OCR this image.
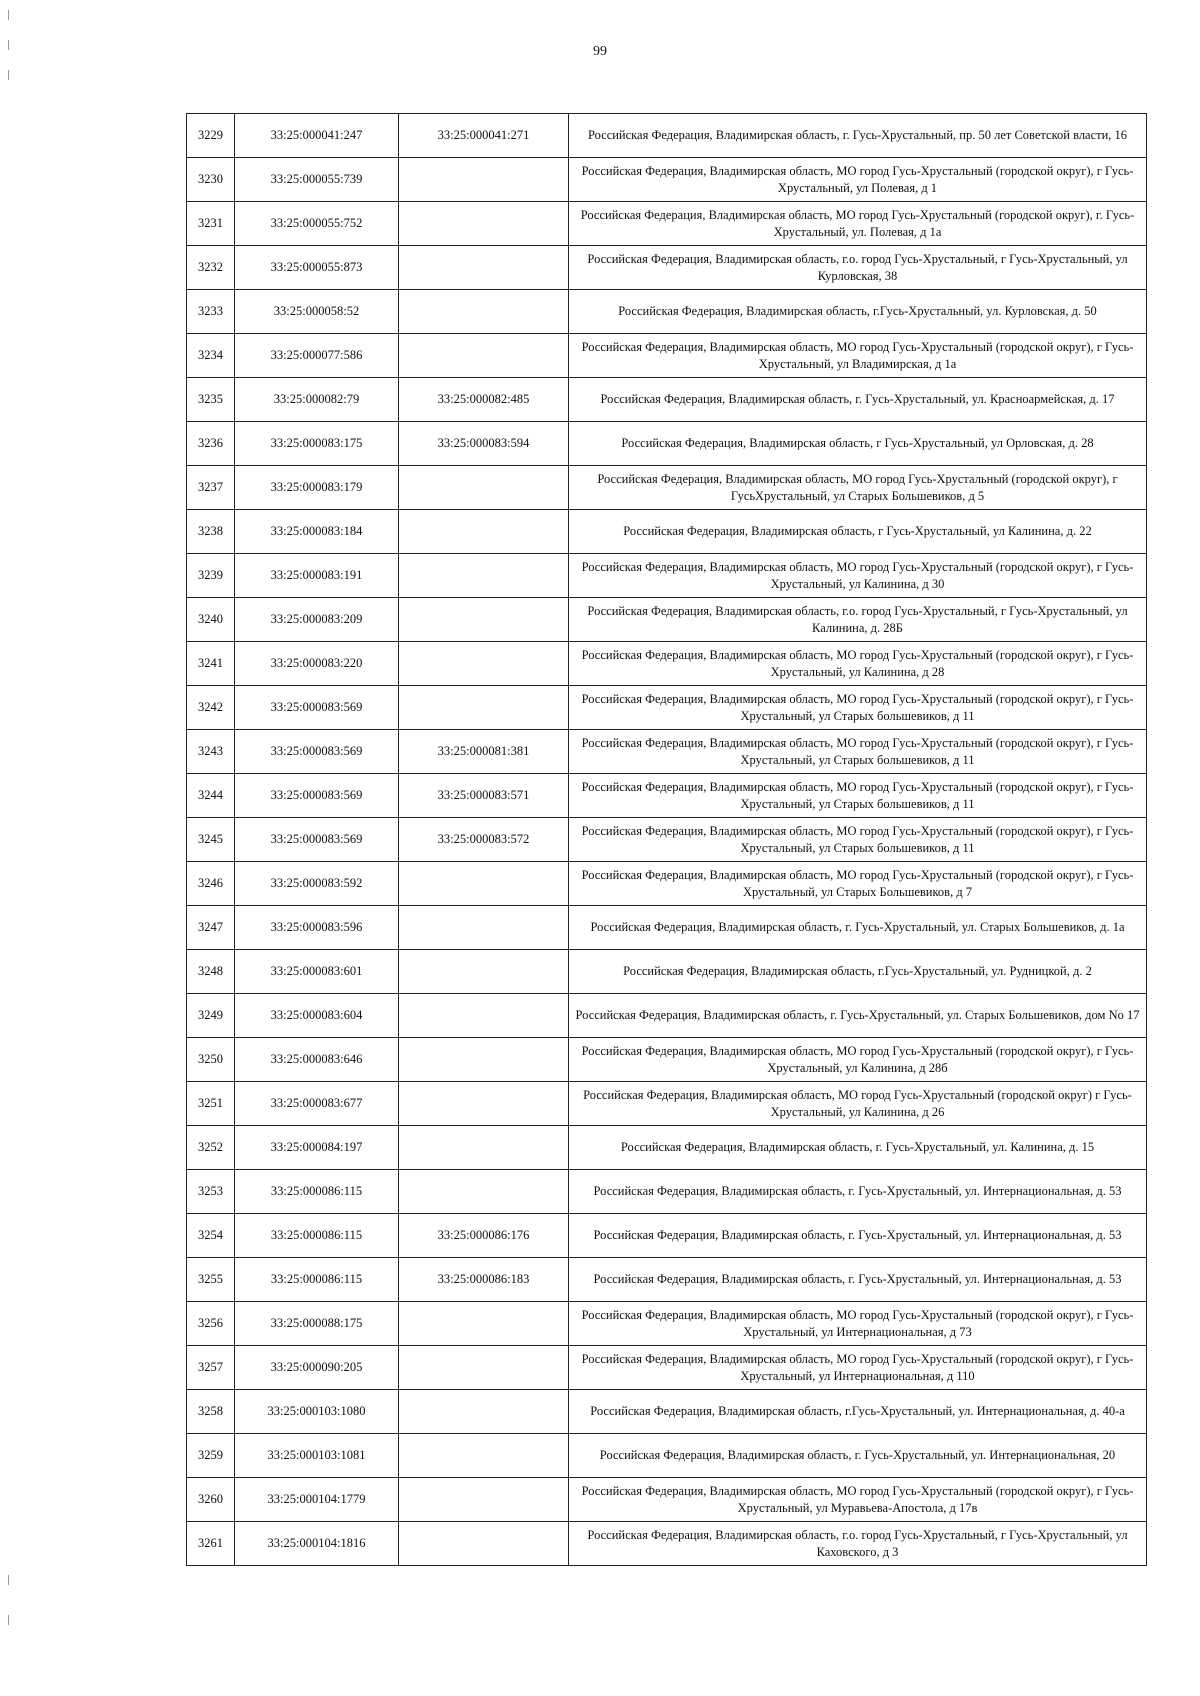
99
3229	33:25:000041:247	33:25:000041:271	Российская Федерация, Владимирская область, г. Гусь-Хрустальный, пр. 50 лет Советской власти, 16
3230	33:25:000055:739		Российская Федерация, Владимирская область, МО город Гусь-Хрустальный (городской округ), г Гусь-Хрустальный, ул Полевая, д 1
3231	33:25:000055:752		Российская Федерация, Владимирская область, МО город Гусь-Хрустальный (городской округ), г. Гусь-Хрустальный, ул. Полевая, д 1а
3232	33:25:000055:873		Российская Федерация, Владимирская область, г.о. город Гусь-Хрустальный, г Гусь-Хрустальный, ул Курловская, 38
3233	33:25:000058:52		Российская Федерация, Владимирская область, г.Гусь-Хрустальный, ул. Курловская, д. 50
3234	33:25:000077:586		Российская Федерация, Владимирская область, МО город Гусь-Хрустальный (городской округ), г Гусь- Хрустальный, ул Владимирская, д 1а
3235	33:25:000082:79	33:25:000082:485	Российская Федерация, Владимирская область, г. Гусь-Хрустальный, ул. Красноармейская, д. 17
3236	33:25:000083:175	33:25:000083:594	Российская Федерация, Владимирская область, г Гусь-Хрустальный, ул Орловская, д. 28
3237	33:25:000083:179		Российская Федерация, Владимирская область, МО город Гусь-Хрустальный (городской округ), г ГусьХрустальный, ул Старых Большевиков, д 5
3238	33:25:000083:184		Российская Федерация, Владимирская область, г Гусь-Хрустальный, ул Калинина, д. 22
3239	33:25:000083:191		Российская Федерация, Владимирская область, МО город Гусь-Хрустальный (городской округ), г Гусь-Хрустальный, ул Калинина, д 30
3240	33:25:000083:209		Российская Федерация, Владимирская область, г.о. город Гусь-Хрустальный, г Гусь-Хрустальный, ул Калинина, д. 28Б
3241	33:25:000083:220		Российская Федерация, Владимирская область, МО город Гусь-Хрустальный (городской округ), г Гусь- Хрустальный, ул Калинина, д 28
3242	33:25:000083:569		Российская Федерация, Владимирская область, МО город Гусь-Хрустальный (городской округ), г Гусь-Хрустальный, ул Старых большевиков, д 11
3243	33:25:000083:569	33:25:000081:381	Российская Федерация, Владимирская область, МО город Гусь-Хрустальный (городской округ), г Гусь-Хрустальный, ул Старых большевиков, д 11
3244	33:25:000083:569	33:25:000083:571	Российская Федерация, Владимирская область, МО город Гусь-Хрустальный (городской округ), г Гусь-Хрустальный, ул Старых большевиков, д 11
3245	33:25:000083:569	33:25:000083:572	Российская Федерация, Владимирская область, МО город Гусь-Хрустальный (городской округ), г Гусь-Хрустальный, ул Старых большевиков, д 11
3246	33:25:000083:592		Российская Федерация, Владимирская область, МО город Гусь-Хрустальный (городской округ), г Гусь-Хрустальный, ул Старых Большевиков, д 7
3247	33:25:000083:596		Российская Федерация, Владимирская область, г. Гусь-Хрустальный, ул. Старых Большевиков, д. 1а
3248	33:25:000083:601		Российская Федерация, Владимирская область, г.Гусь-Хрустальный, ул. Рудницкой, д. 2
3249	33:25:000083:604		Российская Федерация, Владимирская область, г. Гусь-Хрустальный, ул. Старых Большевиков, дом No 17
3250	33:25:000083:646		Российская Федерация, Владимирская область, МО город Гусь-Хрустальный (городской округ), г Гусь-Хрустальный, ул Калинина, д 28б
3251	33:25:000083:677		Российская Федерация, Владимирская область, МО город Гусь-Хрустальный (городской округ) г Гусь-Хрустальный, ул Калинина, д 26
3252	33:25:000084:197		Российская Федерация, Владимирская область, г. Гусь-Хрустальный, ул. Калинина, д. 15
3253	33:25:000086:115		Российская Федерация, Владимирская область, г. Гусь-Хрустальный, ул. Интернациональная, д. 53
3254	33:25:000086:115	33:25:000086:176	Российская Федерация, Владимирская область, г. Гусь-Хрустальный, ул. Интернациональная, д. 53
3255	33:25:000086:115	33:25:000086:183	Российская Федерация, Владимирская область, г. Гусь-Хрустальный, ул. Интернациональная, д. 53
3256	33:25:000088:175		Российская Федерация, Владимирская область, МО город Гусь-Хрустальный (городской округ), г Гусь-Хрустальный, ул Интернациональная, д 73
3257	33:25:000090:205		Российская Федерация, Владимирская область, МО город Гусь-Хрустальный (городской округ), г Гусь-Хрустальный, ул Интернациональная, д 110
3258	33:25:000103:1080		Российская Федерация, Владимирская область, г.Гусь-Хрустальный, ул. Интернациональная, д. 40-а
3259	33:25:000103:1081		Российская Федерация, Владимирская область, г. Гусь-Хрустальный, ул. Интернациональная, 20
3260	33:25:000104:1779		Российская Федерация, Владимирская область, МО город Гусь-Хрустальный (городской округ), г Гусь-Хрустальный, ул Муравьева-Апостола, д 17в
3261	33:25:000104:1816		Российская Федерация, Владимирская область, г.о. город Гусь-Хрустальный, г Гусь-Хрустальный, ул Каховского, д 3
